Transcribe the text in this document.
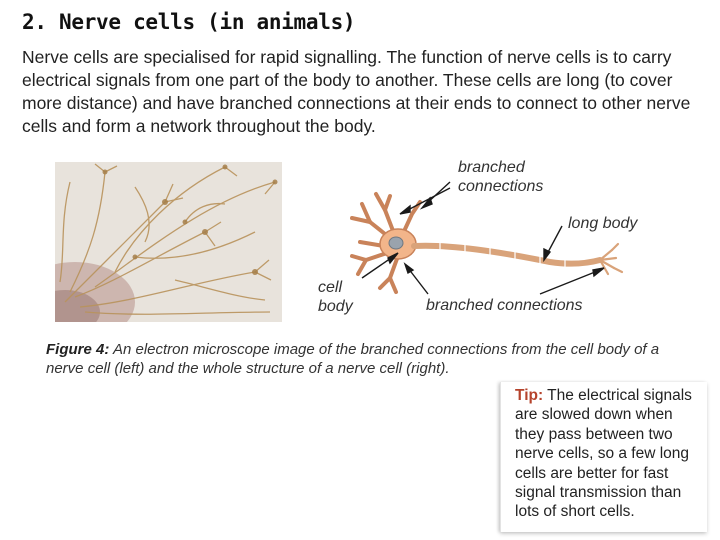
2. Nerve cells (in animals)

Nerve cells are specialised for rapid signalling. The function of nerve cells is to carry electrical signals from one part of the body to another. These cells are long (to cover more distance) and have branched connections at their ends to connect to other nerve cells and form a network throughout the body.

branched connections
long body
cell body	branched connections

Figure 4: An electron microscope image of the branched connections from the cell body of a nerve cell (left) and the whole structure of a nerve cell (right).

Tip: The electrical signals are slowed down when they pass between two nerve cells, so a few long cells are better for fast signal transmission than lots of short cells.
